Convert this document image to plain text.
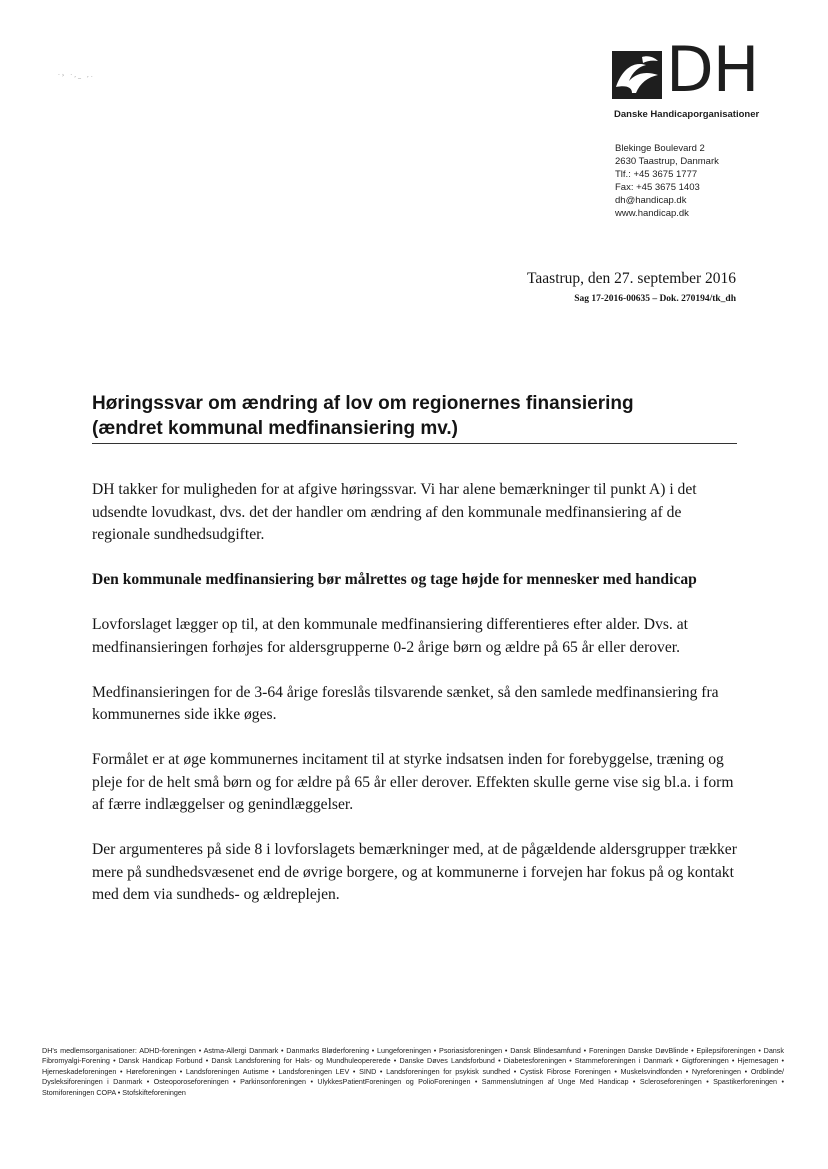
·› ·‚_ ‚.	DH
Danske Handicaporganisationer
Blekinge Boulevard 2
2630 Taastrup, Danmark
Tlf.: +45 3675 1777
Fax: +45 3675 1403
dh@handicap.dk
www.handicap.dk
Taastrup, den 27. september 2016
Sag 17-2016-00635 – Dok. 270194/tk_dh
Høringssvar om ændring af lov om regionernes finansiering
(ændret kommunal medfinansiering mv.)

DH takker for muligheden for at afgive høringssvar. Vi har alene bemærkninger til punkt A) i det udsendte lovudkast, dvs. det der handler om ændring af den kommunale medfinansiering af de regionale sundhedsudgifter.

Den kommunale medfinansiering bør målrettes og tage højde for mennesker med handicap

Lovforslaget lægger op til, at den kommunale medfinansiering differentieres efter alder. Dvs. at medfinansieringen forhøjes for aldersgrupperne 0-2 årige børn og ældre på 65 år eller derover.

Medfinansieringen for de 3-64 årige foreslås tilsvarende sænket, så den samlede medfinansiering fra kommunernes side ikke øges.

Formålet er at øge kommunernes incitament til at styrke indsatsen inden for forebyggelse, træning og pleje for de helt små børn og for ældre på 65 år eller derover. Effekten skulle gerne vise sig bl.a. i form af færre indlæggelser og genindlæggelser.

Der argumenteres på side 8 i lovforslagets bemærkninger med, at de pågældende aldersgrupper trækker mere på sundhedsvæsenet end de øvrige borgere, og at kommunerne i forvejen har fokus på og kontakt med dem via sundheds- og ældreplejen.

DH's medlemsorganisationer: ADHD-foreningen • Astma-Allergi Danmark • Danmarks Bløderforening • Lungeforeningen • Psoriasisforeningen • Dansk Blindesamfund • Foreningen Danske DøvBlinde • Epilepsiforeningen • Dansk Fibromyalgi-Forening • Dansk Handicap Forbund • Dansk Landsforening for Hals- og Mundhuleopererede • Danske Døves Landsforbund • Diabetesforeningen • Stammeforeningen i Danmark • Gigtforeningen • Hjernesagen • Hjerneskadeforeningen • Høreforeningen • Landsforeningen Autisme • Landsforeningen LEV • SIND • Landsforeningen for psykisk sundhed • Cystisk Fibrose Foreningen • Muskelsvindfonden • Nyreforeningen • Ordblinde/ Dysleksiforeningen i Danmark • Osteoporoseforeningen • Parkinsonforeningen • UlykkesPatientForeningen og PolioForeningen • Sammenslutningen af Unge Med Handicap • Scleroseforeningen • Spastikerforeningen • Stomiforeningen COPA • Stofskifteforeningen
